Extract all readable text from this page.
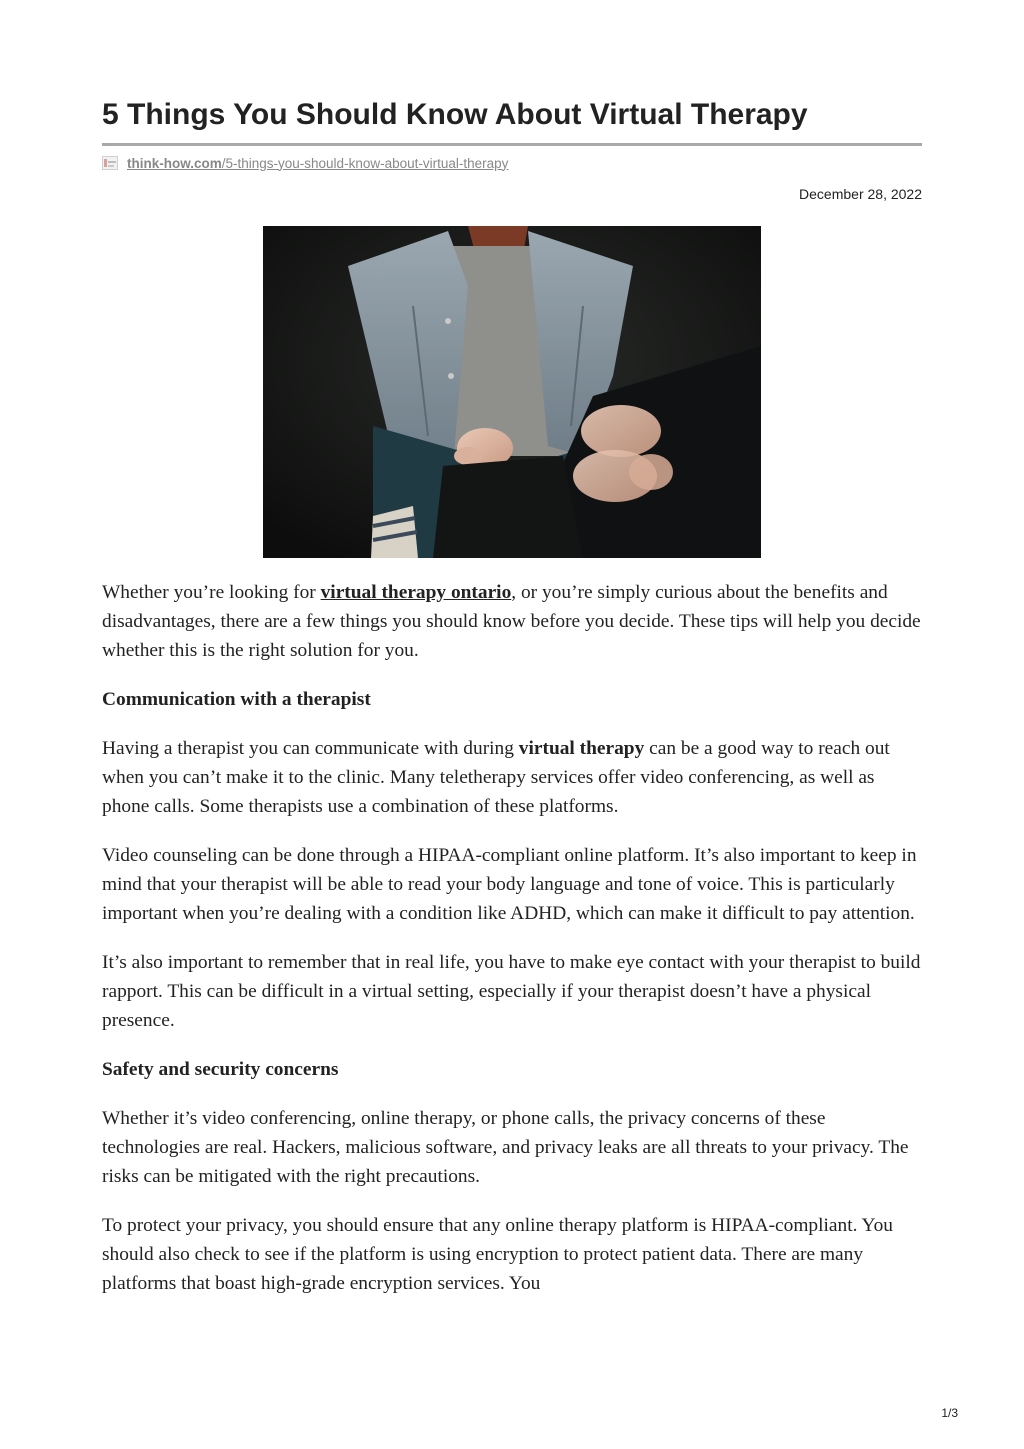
5 Things You Should Know About Virtual Therapy
think-how.com/5-things-you-should-know-about-virtual-therapy
December 28, 2022

Whether you’re looking for virtual therapy ontario, or you’re simply curious about the benefits and disadvantages, there are a few things you should know before you decide. These tips will help you decide whether this is the right solution for you.

Communication with a therapist

Having a therapist you can communicate with during virtual therapy can be a good way to reach out when you can’t make it to the clinic. Many teletherapy services offer video conferencing, as well as phone calls. Some therapists use a combination of these platforms.

Video counseling can be done through a HIPAA-compliant online platform. It’s also important to keep in mind that your therapist will be able to read your body language and tone of voice. This is particularly important when you’re dealing with a condition like ADHD, which can make it difficult to pay attention.

It’s also important to remember that in real life, you have to make eye contact with your therapist to build rapport. This can be difficult in a virtual setting, especially if your therapist doesn’t have a physical presence.

Safety and security concerns

Whether it’s video conferencing, online therapy, or phone calls, the privacy concerns of these technologies are real. Hackers, malicious software, and privacy leaks are all threats to your privacy. The risks can be mitigated with the right precautions.

To protect your privacy, you should ensure that any online therapy platform is HIPAA-compliant. You should also check to see if the platform is using encryption to protect patient data. There are many platforms that boast high-grade encryption services. You

1/3
